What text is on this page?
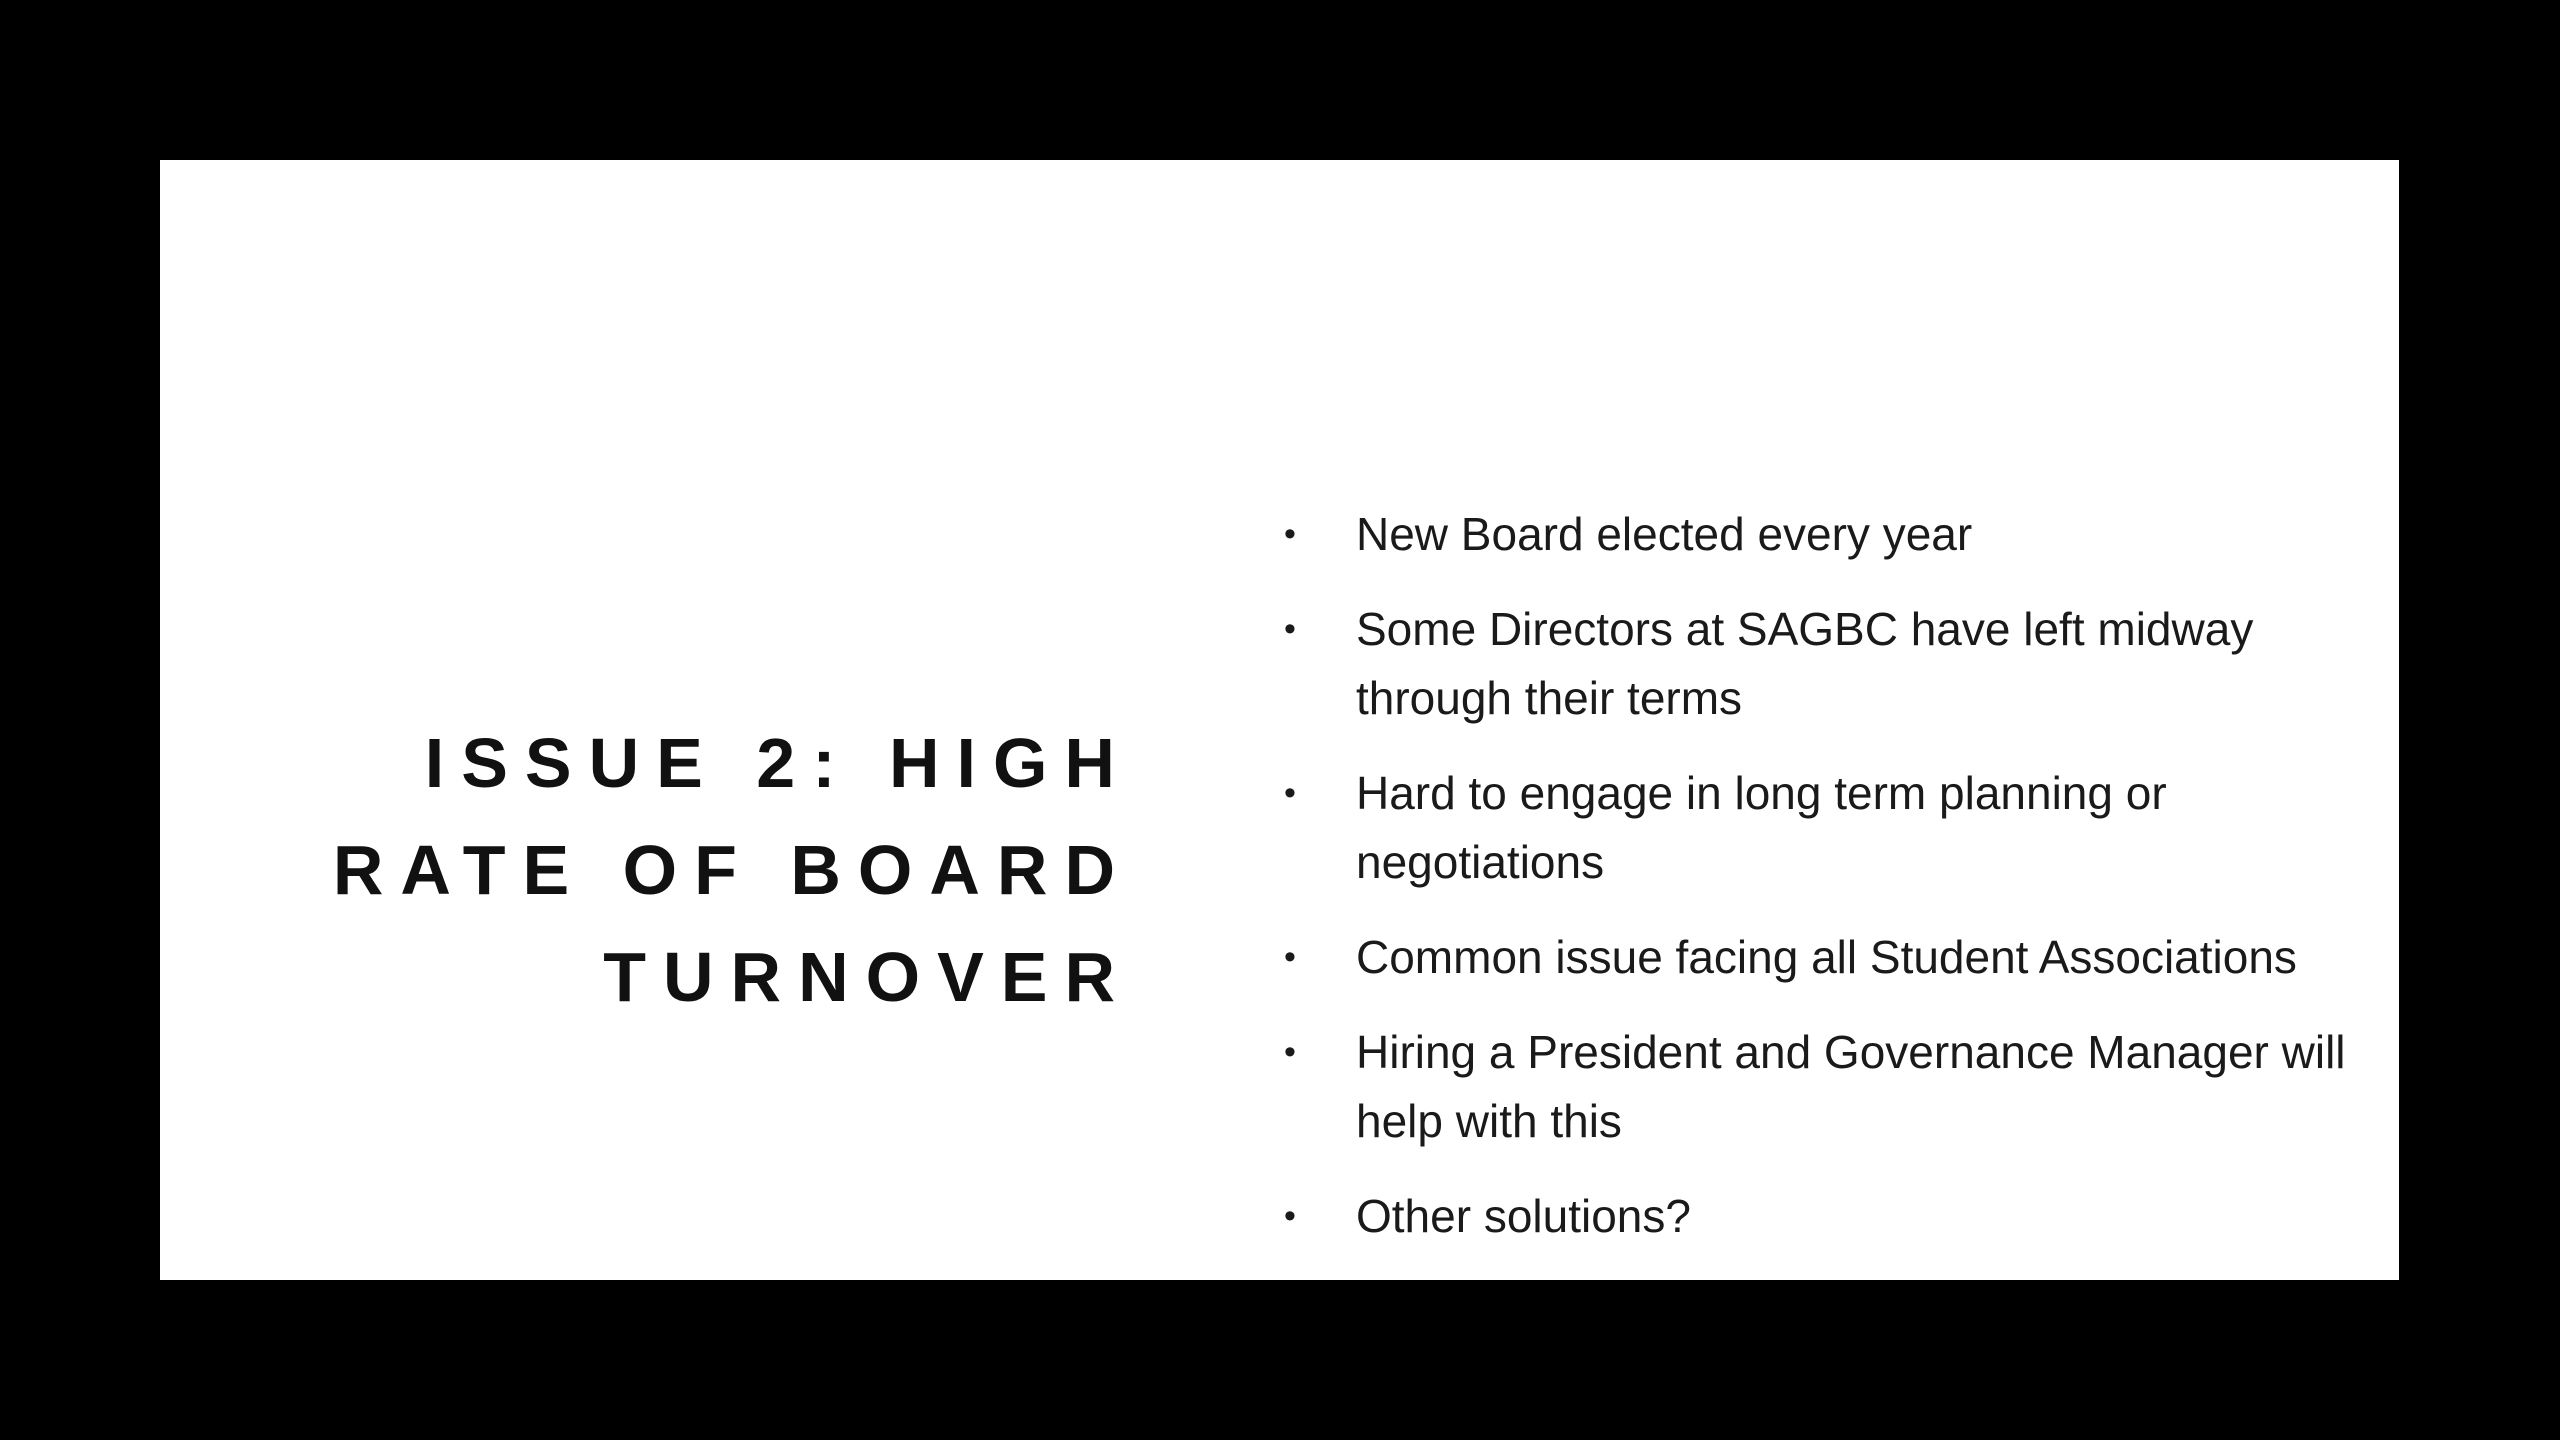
ISSUE 2: HIGH
RATE OF BOARD
TURNOVER
•	New Board elected every year
•	Some Directors at SAGBC have left midway through their terms
•	Hard to engage in long term planning or negotiations
•	Common issue facing all Student Associations
•	Hiring a President and Governance Manager will help with this
•	Other solutions?
